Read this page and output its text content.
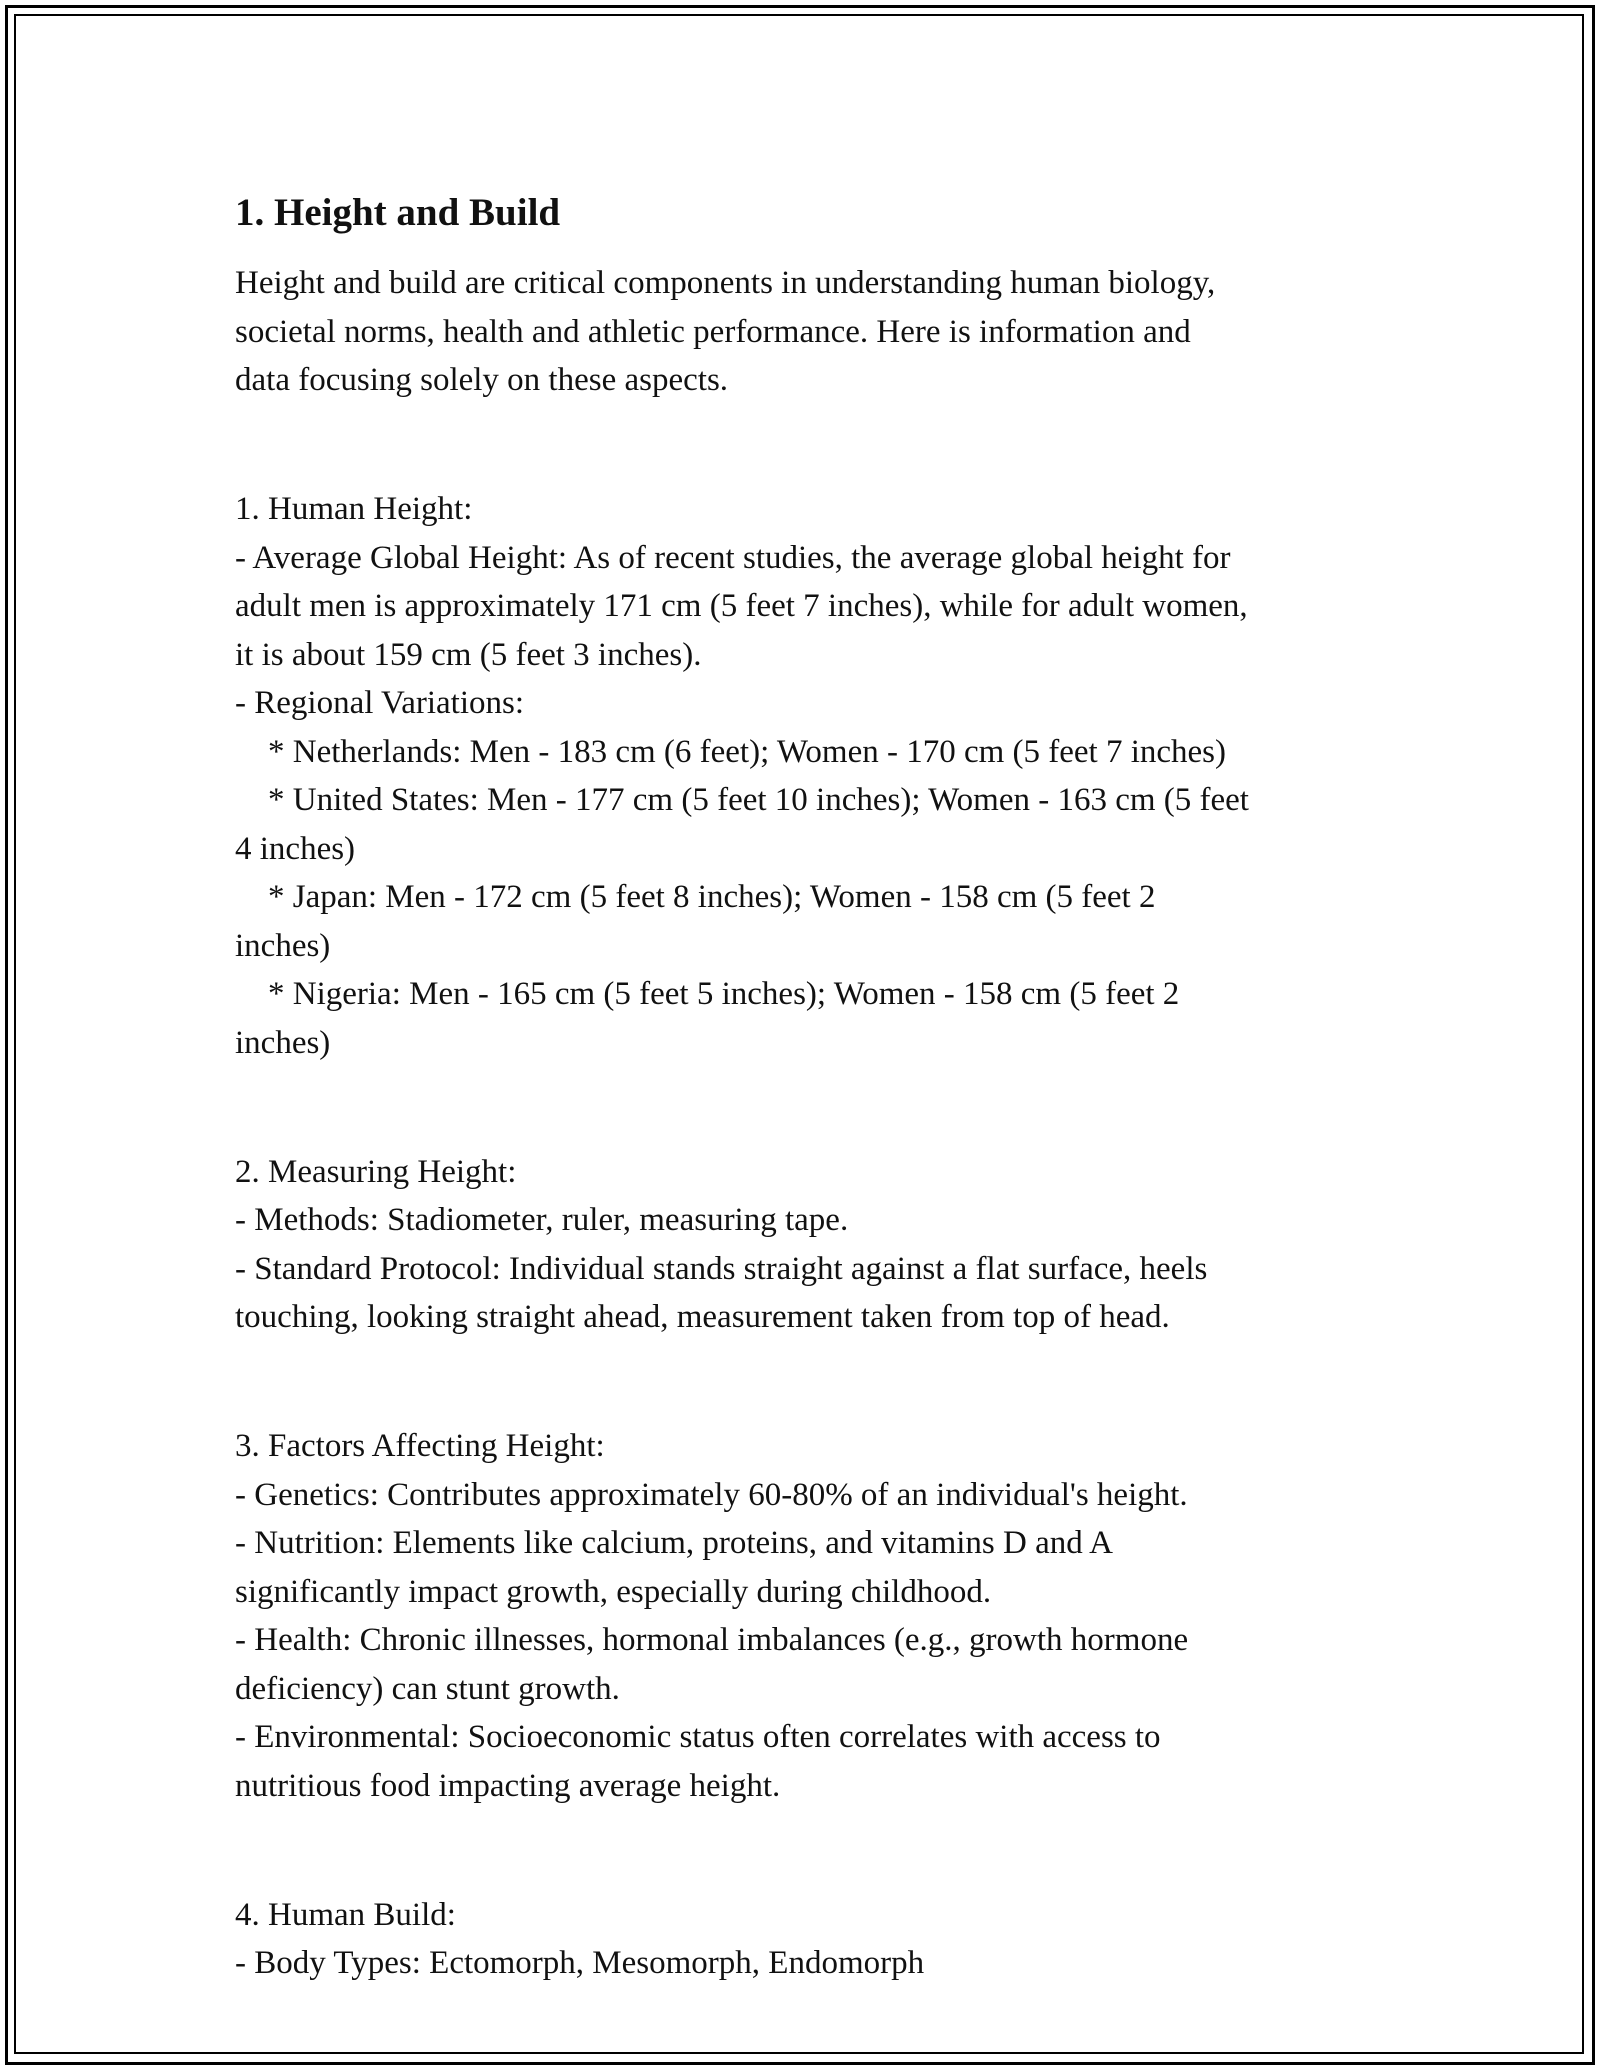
1. Height and Build

Height and build are critical components in understanding human biology,

societal norms, health and athletic performance. Here is information and

data focusing solely on these aspects.

1. Human Height:

- Average Global Height: As of recent studies, the average global height for

adult men is approximately 171 cm (5 feet 7 inches), while for adult women,

it is about 159 cm (5 feet 3 inches).

- Regional Variations:

* Netherlands: Men - 183 cm (6 feet); Women - 170 cm (5 feet 7 inches)

* United States: Men - 177 cm (5 feet 10 inches); Women - 163 cm (5 feet

4 inches)

* Japan: Men - 172 cm (5 feet 8 inches); Women - 158 cm (5 feet 2

inches)

* Nigeria: Men - 165 cm (5 feet 5 inches); Women - 158 cm (5 feet 2

inches)

2. Measuring Height:

- Methods: Stadiometer, ruler, measuring tape.

- Standard Protocol: Individual stands straight against a flat surface, heels

touching, looking straight ahead, measurement taken from top of head.

3. Factors Affecting Height:

- Genetics: Contributes approximately 60-80% of an individual's height.

- Nutrition: Elements like calcium, proteins, and vitamins D and A

significantly impact growth, especially during childhood.

- Health: Chronic illnesses, hormonal imbalances (e.g., growth hormone

deficiency) can stunt growth.

- Environmental: Socioeconomic status often correlates with access to

nutritious food impacting average height.

4. Human Build:

- Body Types: Ectomorph, Mesomorph, Endomorph
